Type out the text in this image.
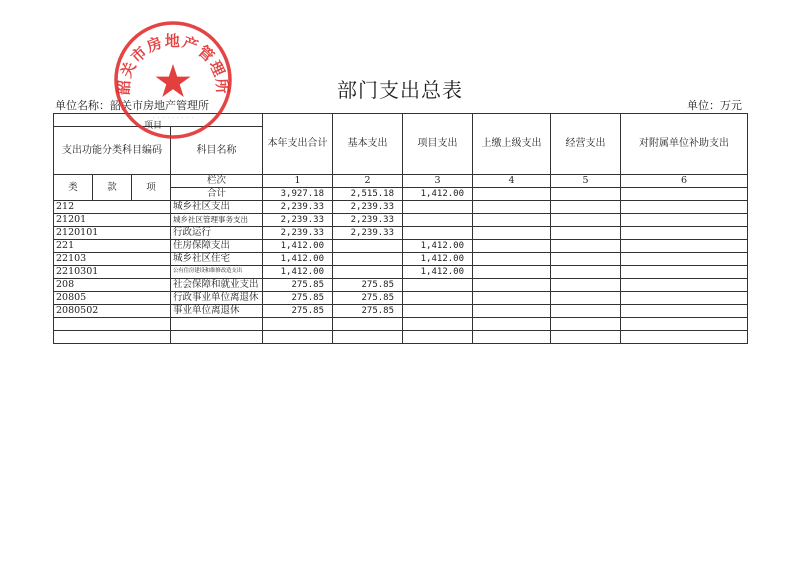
部门支出总表
单位名称：韶关市房地产管理所	单位：万元
				本年支出合计	基本支出	项目支出	上缴上级支出	经营支出	对附属单位补助支出
支出功能分类科目编码			科目名称						
类	款	项	栏次	1	2	3	4	5	6
			合计	3,927.18	2,515.18	1,412.00			
212			城乡社区支出	2,239.33	2,239.33				
21201			城乡社区管理事务支出	2,239.33	2,239.33				
2120101			行政运行	2,239.33	2,239.33				
221			住房保障支出	1,412.00		1,412.00			
22103			城乡社区住宅	1,412.00		1,412.00			
2210301			公有住房建设和维修改造支出	1,412.00		1,412.00			
208			社会保障和就业支出	275.85	275.85				
20805			行政事业单位离退休	275.85	275.85				
2080502			事业单位离退休	275.85	275.85				

项目
韶关市房地产管理所
· · · · · · · · ·
